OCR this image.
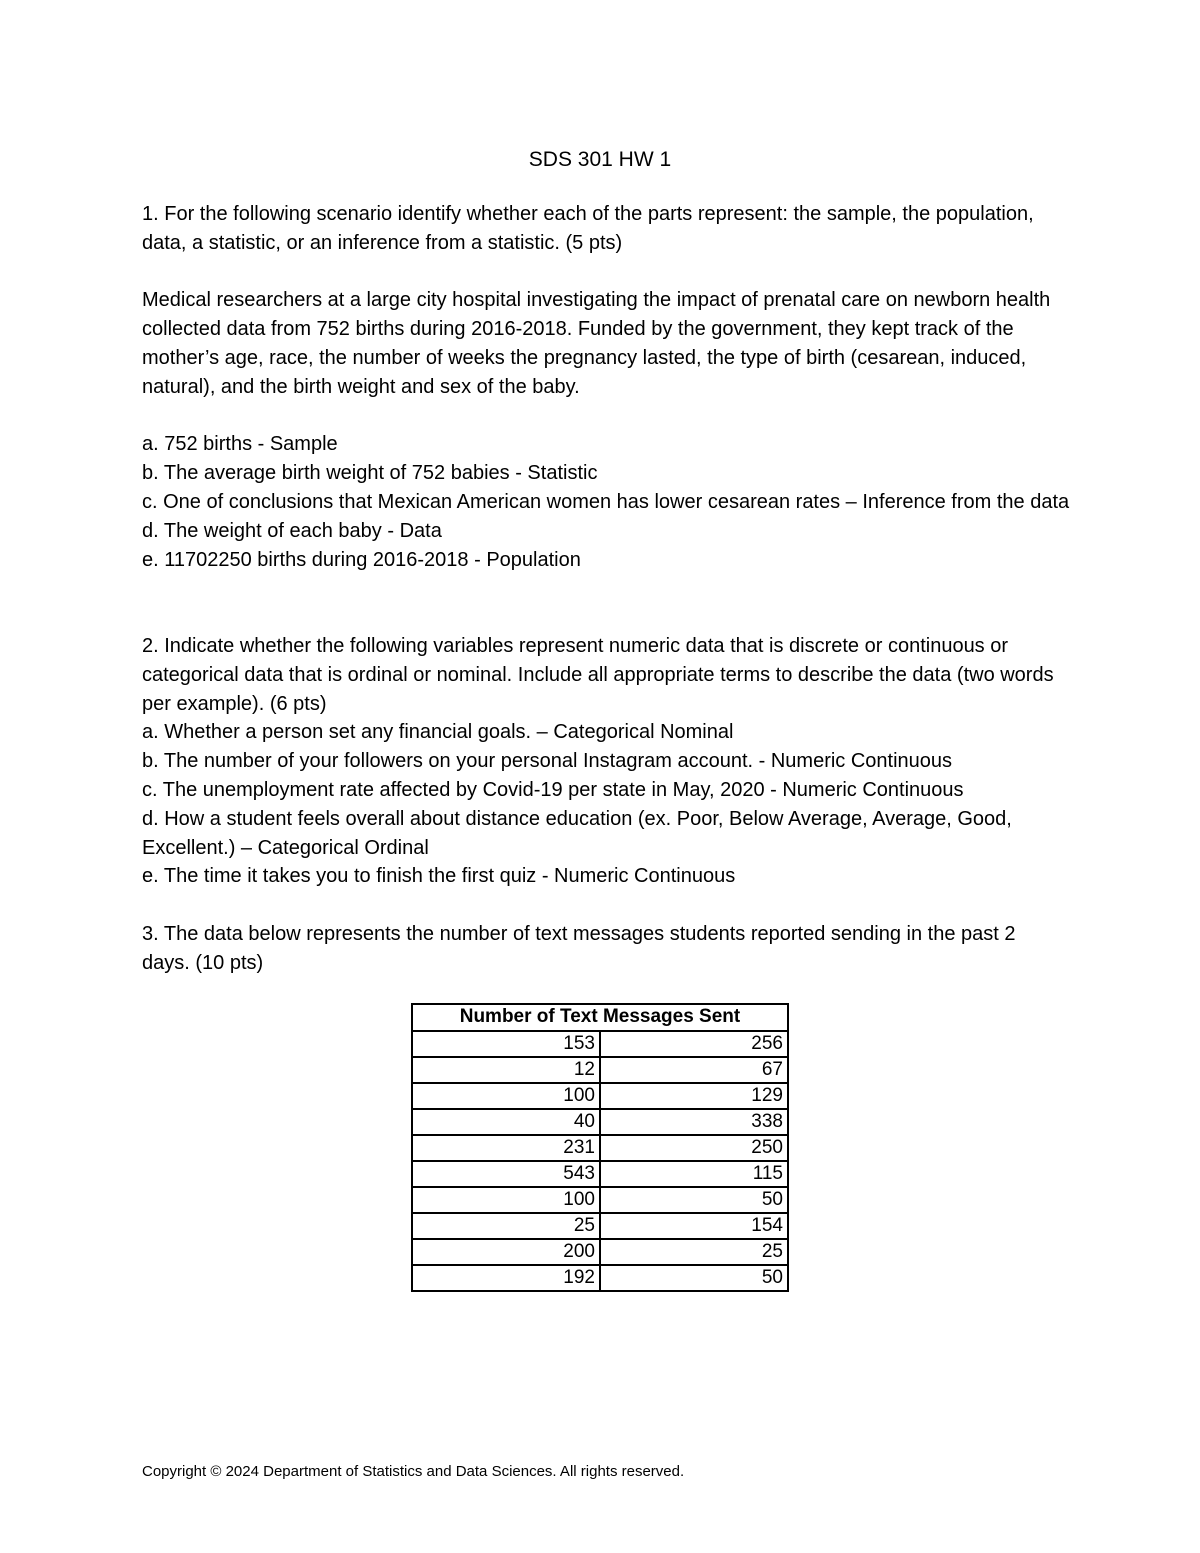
SDS 301 HW 1

1. For the following scenario identify whether each of the parts represent: the sample, the population, data, a statistic, or an inference from a statistic. (5 pts)

Medical researchers at a large city hospital investigating the impact of prenatal care on newborn health collected data from 752 births during 2016-2018. Funded by the government, they kept track of the mother’s age, race, the number of weeks the pregnancy lasted, the type of birth (cesarean, induced, natural), and the birth weight and sex of the baby.

a. 752 births - Sample

b. The average birth weight of 752 babies - Statistic

c. One of conclusions that Mexican American women has lower cesarean rates – Inference from the data

d. The weight of each baby - Data

e. 11702250 births during 2016-2018 - Population

2. Indicate whether the following variables represent numeric data that is discrete or continuous or categorical data that is ordinal or nominal. Include all appropriate terms to describe the data (two words per example). (6 pts)

a. Whether a person set any financial goals. – Categorical Nominal

b. The number of your followers on your personal Instagram account. - Numeric Continuous

c. The unemployment rate affected by Covid-19 per state in May, 2020 - Numeric Continuous

d. How a student feels overall about distance education (ex. Poor, Below Average, Average, Good, Excellent.) – Categorical Ordinal

e. The time it takes you to finish the first quiz - Numeric Continuous

3. The data below represents the number of text messages students reported sending in the past 2 days. (10 pts)

Number of Text Messages Sent	
153	256
12	67
100	129
40	338
231	250
543	115
100	50
25	154
200	25
192	50
Copyright © 2024 Department of Statistics and Data Sciences. All rights reserved.
